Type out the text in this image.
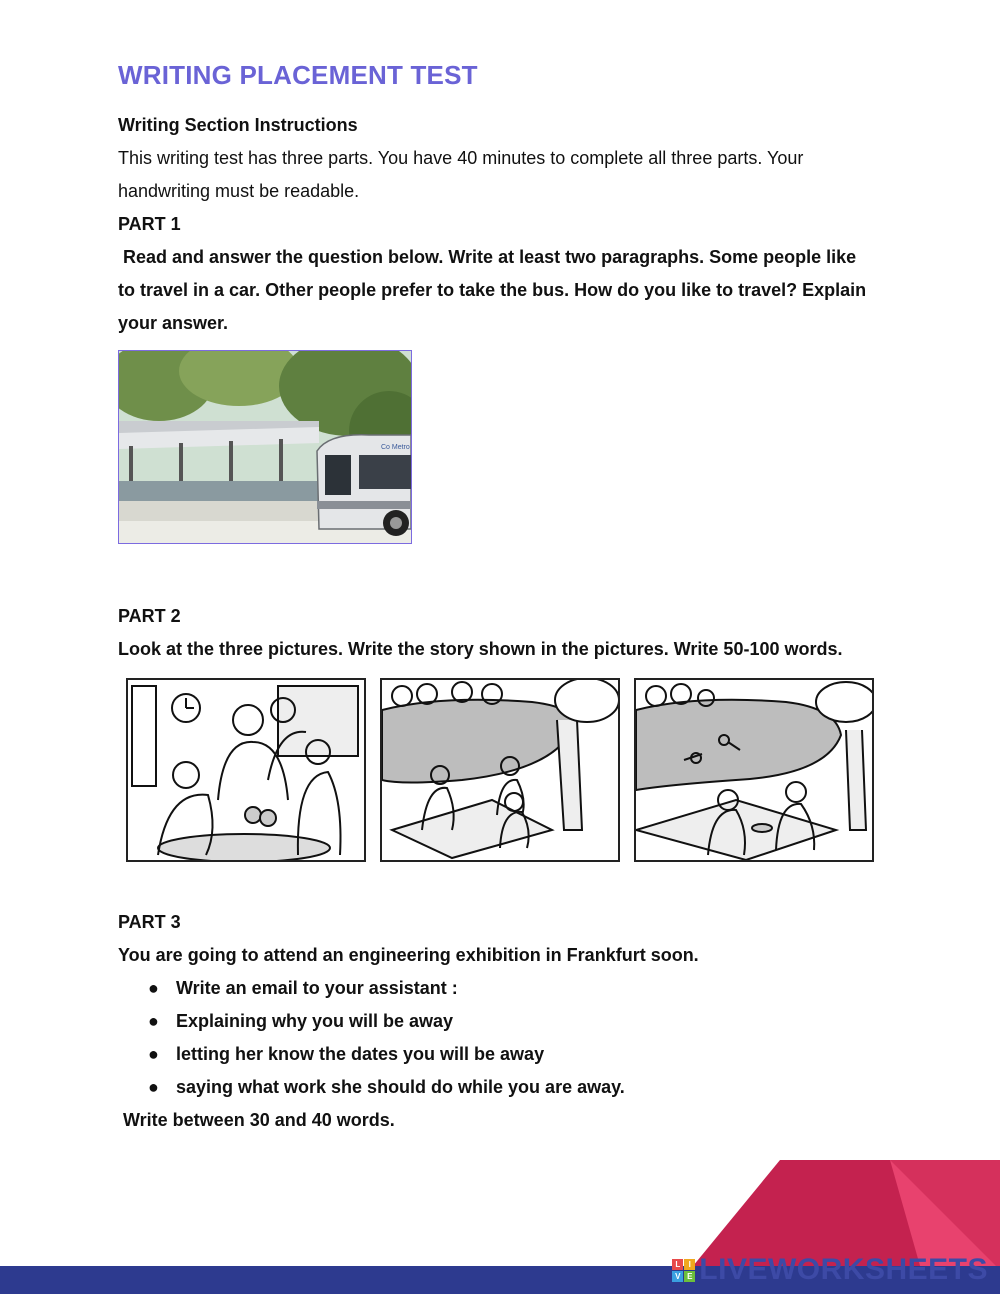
WRITING PLACEMENT TEST

Writing Section Instructions

This writing test has three parts. You have 40 minutes to complete all three parts. Your

handwriting must be readable.

PART 1

Read and answer the question below. Write at least two paragraphs. Some people like

to travel in a car. Other people prefer to take the bus. How do you like to travel? Explain

your answer.

Co Metro

PART 2

Look at the three pictures. Write the story shown in the pictures. Write 50-100 words.

PART 3

You are going to attend an engineering exhibition in Frankfurt soon.

● Write an email to your assistant :
● Explaining why you will be away
● letting her know the dates you will be away
● saying what work she should do while you are away.

Write between 30 and 40 words.

L	I
V E LIVEWORKSHEETS
